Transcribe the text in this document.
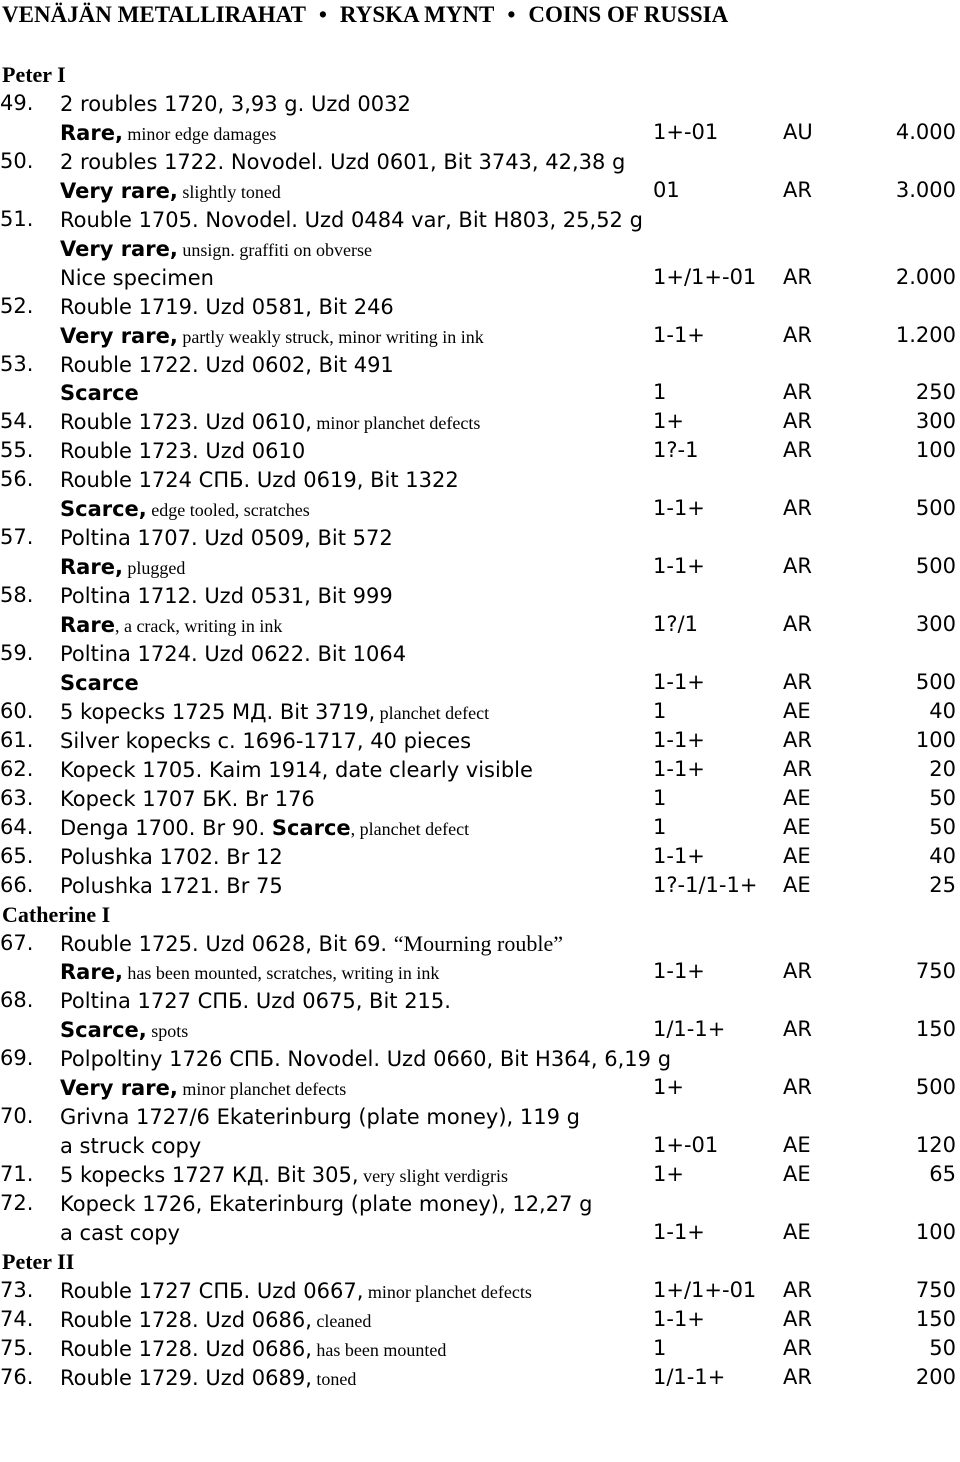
VENÄJÄN METALLIRAHAT • RYSKA MYNT • COINS OF RUSSIA
Peter I
49. 2 roubles 1720, 3,93 g. Uzd 0032
Rare, minor edge damages	1+-01	AU	4.000
50. 2 roubles 1722. Novodel. Uzd 0601, Bit 3743, 42,38 g
Very rare, slightly toned	01	AR	3.000
51. Rouble 1705. Novodel. Uzd 0484 var, Bit H803, 25,52 g
Very rare, unsign. graffiti on obverse
Nice specimen	1+/1+-01 AR	2.000
52. Rouble 1719. Uzd 0581, Bit 246
Very rare, partly weakly struck, minor writing in ink	1-1+	AR	1.200
53. Rouble 1722. Uzd 0602, Bit 491
Scarce	1	AR	250
54. Rouble 1723. Uzd 0610, minor planchet defects	1+	AR	300
55. Rouble 1723. Uzd 0610	1?-1	AR	100
56. Rouble 1724 СПБ. Uzd 0619, Bit 1322
Scarce, edge tooled, scratches	1-1+	AR	500
57. Poltina 1707. Uzd 0509, Bit 572
Rare, plugged	1-1+	AR	500
58. Poltina 1712. Uzd 0531, Bit 999
Rare, a crack, writing in ink	1?/1	AR	300
59. Poltina 1724. Uzd 0622. Bit 1064
Scarce	1-1+	AR	500
60. 5 kopecks 1725 МД. Bit 3719, planchet defect	1	AE	40
61. Silver kopecks c. 1696-1717, 40 pieces	1-1+	AR	100
62. Kopeck 1705. Kaim 1914, date clearly visible	1-1+	AR	20
63. Kopeck 1707 БК. Br 176	1	AE	50
64. Denga 1700. Br 90. Scarce, planchet defect	1	AE	50
65. Polushka 1702. Br 12	1-1+	AE	40
66. Polushka 1721. Br 75	1?-1/1-1+ AE	25
Catherine I
67. Rouble 1725. Uzd 0628, Bit 69. “Mourning rouble”
Rare, has been mounted, scratches, writing in ink	1-1+	AR	750
68. Poltina 1727 СПБ. Uzd 0675, Bit 215.
Scarce, spots	1/1-1+	AR	150
69. Polpoltiny 1726 СПБ. Novodel. Uzd 0660, Bit H364, 6,19 g
Very rare, minor planchet defects	1+	AR	500
70. Grivna 1727/6 Ekaterinburg (plate money), 119 g
a struck copy	1+-01	AE	120
71. 5 kopecks 1727 КД. Bit 305, very slight verdigris	1+	AE	65
72. Kopeck 1726, Ekaterinburg (plate money), 12,27 g
a cast copy	1-1+	AE	100
Peter II
73. Rouble 1727 СПБ. Uzd 0667, minor planchet defects	1+/1+-01 AR	750
74. Rouble 1728. Uzd 0686, cleaned	1-1+	AR	150
75. Rouble 1728. Uzd 0686, has been mounted	1	AR	50
76. Rouble 1729. Uzd 0689, toned	1/1-1+	AR	200
